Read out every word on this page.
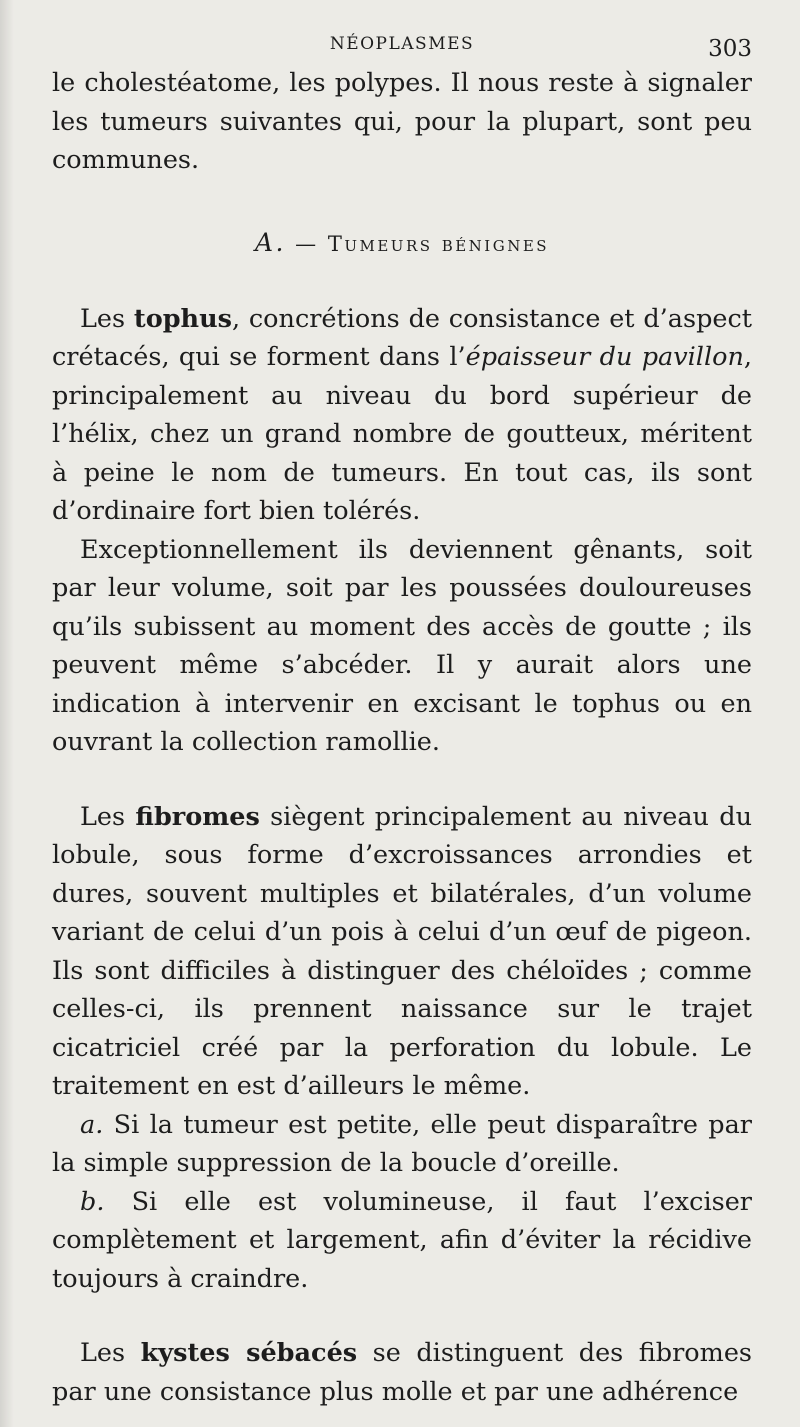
NÉOPLASMES	303

le cholestéatome, les polypes. Il nous reste à signaler les tumeurs suivantes qui, pour la plupart, sont peu communes.

A. — Tumeurs bénignes

Les tophus, concrétions de consistance et d’aspect crétacés, qui se forment dans l’épaisseur du pavillon, principalement au niveau du bord supérieur de l’hélix, chez un grand nombre de goutteux, méritent à peine le nom de tumeurs. En tout cas, ils sont d’ordinaire fort bien tolérés.

Exceptionnellement ils deviennent gênants, soit par leur volume, soit par les poussées douloureuses qu’ils subissent au moment des accès de goutte ; ils peuvent même s’abcéder. Il y aurait alors une indication à intervenir en excisant le tophus ou en ouvrant la collection ramollie.

Les fibromes siègent principalement au niveau du lobule, sous forme d’excroissances arrondies et dures, souvent multiples et bilatérales, d’un volume variant de celui d’un pois à celui d’un œuf de pigeon. Ils sont difficiles à distinguer des chéloïdes ; comme celles-ci, ils prennent naissance sur le trajet cicatriciel créé par la perforation du lobule. Le traitement en est d’ailleurs le même.

a. Si la tumeur est petite, elle peut disparaître par la simple suppression de la boucle d’oreille.

b. Si elle est volumineuse, il faut l’exciser complètement et largement, afin d’éviter la récidive toujours à craindre.

Les kystes sébacés se distinguent des fibromes par une consistance plus molle et par une adhérence
